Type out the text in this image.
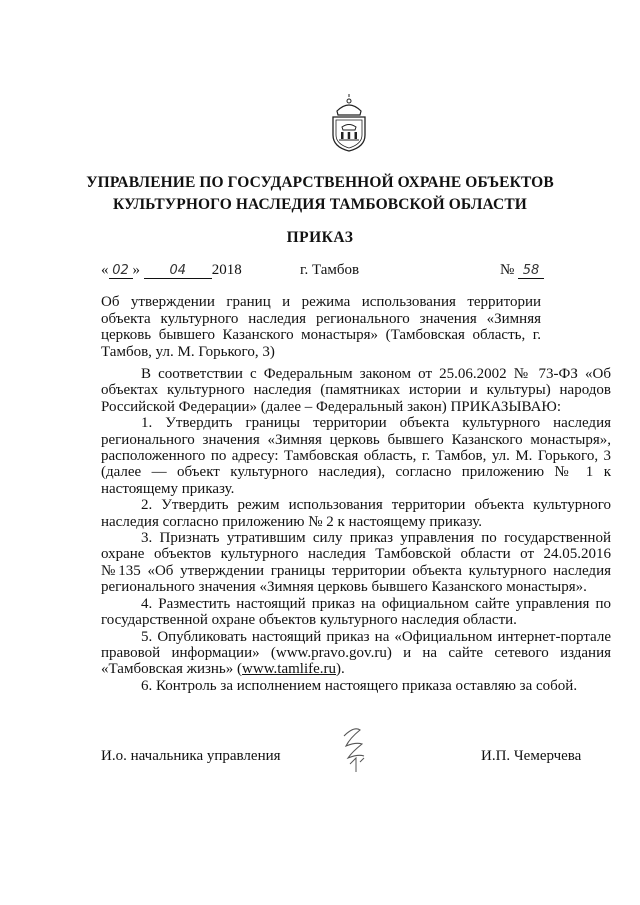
УПРАВЛЕНИЕ ПО ГОСУДАРСТВЕННОЙ ОХРАНЕ ОБЪЕКТОВ КУЛЬТУРНОГО НАСЛЕДИЯ ТАМБОВСКОЙ ОБЛАСТИ
ПРИКАЗ
« 02 » 04 2018	г. Тамбов	№ 58
Об утверждении границ и режима использования территории объекта культурного наследия регионального значения «Зимняя церковь бывшего Казанского монастыря» (Тамбовская область, г. Тамбов, ул. М. Горького, 3)

В соответствии с Федеральным законом от 25.06.2002 № 73-ФЗ «Об объектах культурного наследия (памятниках истории и культуры) народов Российской Федерации» (далее – Федеральный закон) ПРИКАЗЫВАЮ:

1. Утвердить границы территории объекта культурного наследия регионального значения «Зимняя церковь бывшего Казанского монастыря», расположенного по адресу: Тамбовская область, г. Тамбов, ул. М. Горького, 3 (далее — объект культурного наследия), согласно приложению № 1 к настоящему приказу.

2. Утвердить режим использования территории объекта культурного наследия согласно приложению № 2 к настоящему приказу.

3. Признать утратившим силу приказ управления по государственной охране объектов культурного наследия Тамбовской области от 24.05.2016 №135 «Об утверждении границы территории объекта культурного наследия регионального значения «Зимняя церковь бывшего Казанского монастыря».

4. Разместить настоящий приказ на официальном сайте управления по государственной охране объектов культурного наследия области.

5. Опубликовать настоящий приказ на «Официальном интернет-портале правовой информации» (www.pravo.gov.ru) и на сайте сетевого издания «Тамбовская жизнь» (www.tamlife.ru).

6. Контроль за исполнением настоящего приказа оставляю за собой.

И.о. начальника управления	И.П. Чемерчева
